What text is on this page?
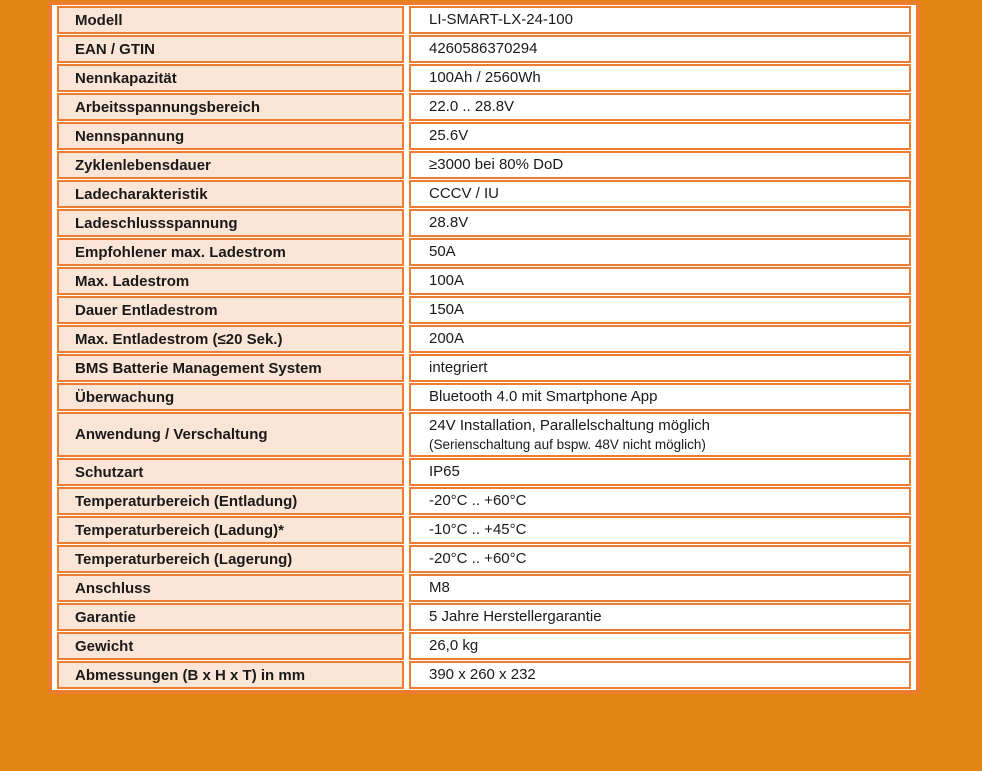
Modell	LI-SMART-LX-24-100

EAN / GTIN	4260586370294

Nennkapazität	100Ah / 2560Wh

Arbeitsspannungsbereich	22.0 .. 28.8V

Nennspannung	25.6V

Zyklenlebensdauer	≥3000 bei 80% DoD

Ladecharakteristik	CCCV / IU

Ladeschlussspannung	28.8V

Empfohlener max. Ladestrom	50A

Max. Ladestrom	100A

Dauer Entladestrom	150A

Max. Entladestrom (≤20 Sek.)	200A

BMS Batterie Management System	integriert

Überwachung	Bluetooth 4.0 mit Smartphone App

Anwendung / Verschaltung	24V Installation, Parallelschaltung möglich
(Serienschaltung auf bspw. 48V nicht möglich)

Schutzart	IP65

Temperaturbereich (Entladung)	-20°C .. +60°C

Temperaturbereich (Ladung)*	-10°C .. +45°C

Temperaturbereich (Lagerung)	-20°C .. +60°C

Anschluss	M8

Garantie	5 Jahre Herstellergarantie

Gewicht	26,0 kg

Abmessungen (B x H x T) in mm	390 x 260 x 232
